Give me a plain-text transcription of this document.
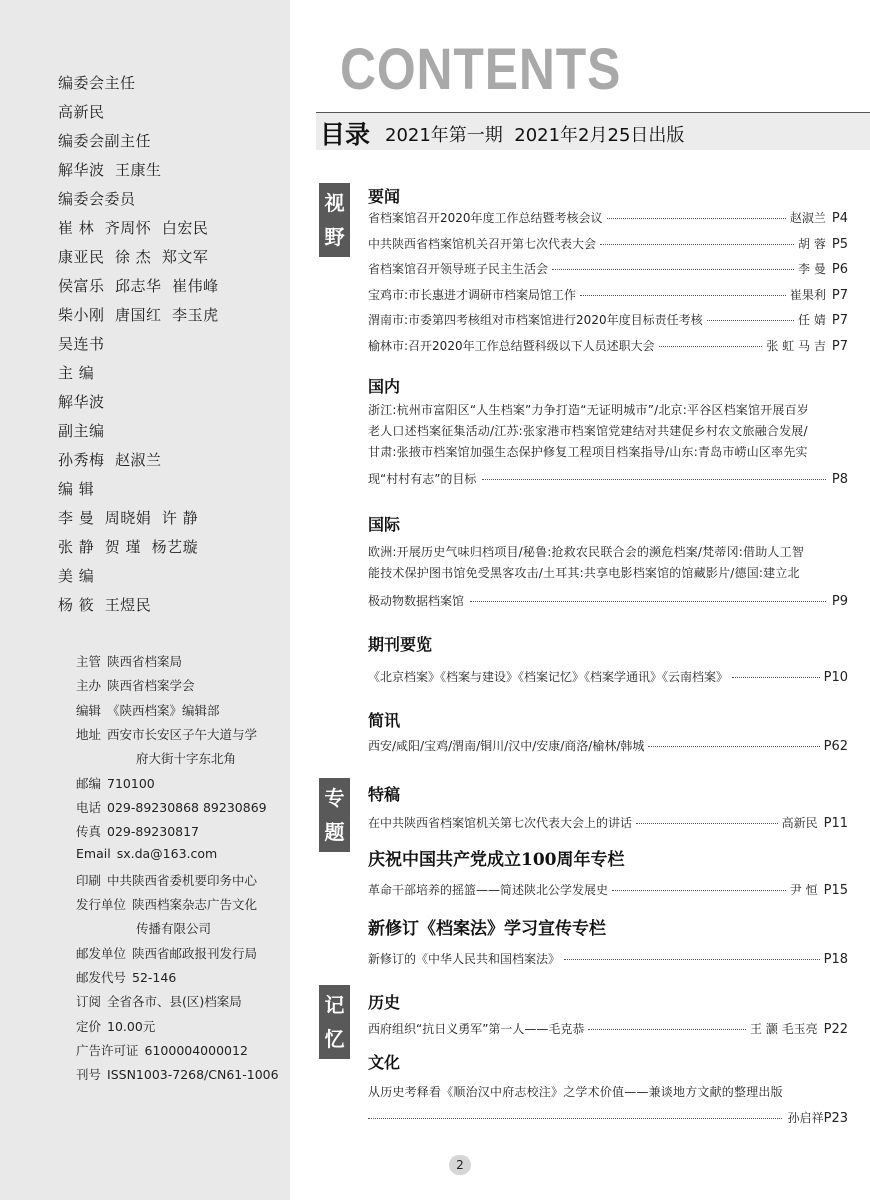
编委会主任
高新民
编委会副主任
解华波  王康生
编委会委员
崔 林  齐周怀  白宏民
康亚民  徐 杰  郑文军
侯富乐  邱志华  崔伟峰
柴小刚  唐国红  李玉虎
吴连书
主 编
解华波
副主编
孙秀梅  赵淑兰
编 辑
李 曼  周晓娟  许 静
张 静  贺 瑾  杨艺璇
美 编
杨 筱  王煜民
主管 陕西省档案局
主办 陕西省档案学会
编辑 《陕西档案》编辑部
地址 西安市长安区子午大道与学
府大街十字东北角
邮编 710100
电话 029-89230868 89230869
传真 029-89230817
Email sx.da@163.com
印刷 中共陕西省委机要印务中心
发行单位 陕西档案杂志广告文化
传播有限公司
邮发单位 陕西省邮政报刊发行局
邮发代号 52-146
订阅 全省各市、县(区)档案局
定价 10.00元
广告许可证 6100004000012
刊号 ISSN1003-7268/CN61-1006
CONTENTS
目录 2021年第一期  2021年2月25日出版
视
野
专
题
记
忆
要闻
省档案馆召开2020年度工作总结暨考核会议	赵淑兰 P4
中共陕西省档案馆机关召开第七次代表大会	胡 蓉 P5
省档案馆召开领导班子民主生活会	李 曼 P6
宝鸡市:市长惠进才调研市档案局馆工作	崔果利 P7
渭南市:市委第四考核组对市档案馆进行2020年度目标责任考核	任 婧 P7
榆林市:召开2020年工作总结暨科级以下人员述职大会	张 虹 马 吉 P7
国内
浙江:杭州市富阳区“人生档案”力争打造“无证明城市”/北京:平谷区档案馆开展百岁
老人口述档案征集活动/江苏:张家港市档案馆党建结对共建促乡村农文旅融合发展/
甘肃:张掖市档案馆加强生态保护修复工程项目档案指导/山东:青岛市崂山区率先实
现“村村有志”的目标	P8
国际
欧洲:开展历史气味归档项目/秘鲁:抢救农民联合会的濒危档案/梵蒂冈:借助人工智
能技术保护图书馆免受黑客攻击/土耳其:共享电影档案馆的馆藏影片/德国:建立北
极动物数据档案馆	P9
期刊要览
《北京档案》《档案与建设》《档案记忆》《档案学通讯》《云南档案》	P10
简讯
西安/咸阳/宝鸡/渭南/铜川/汉中/安康/商洛/榆林/韩城	P62
特稿
在中共陕西省档案馆机关第七次代表大会上的讲话	高新民 P11
庆祝中国共产党成立100周年专栏
革命干部培养的摇篮——简述陕北公学发展史	尹 恒 P15
新修订《档案法》学习宣传专栏
新修订的《中华人民共和国档案法》	P18
历史
西府组织“抗日义勇军”第一人——毛克恭	王 灏 毛玉亮 P22
文化
从历史考释看《顺治汉中府志校注》之学术价值——兼谈地方文献的整理出版
孙启祥 P23
2
